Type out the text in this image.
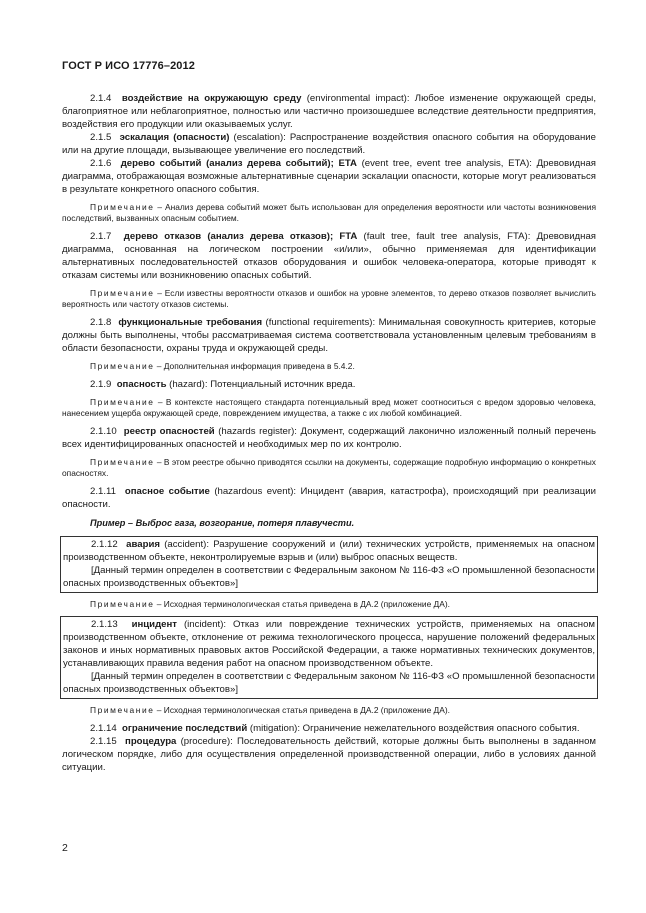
ГОСТ Р ИСО 17776–2012

2.1.4 воздействие на окружающую среду (environmental impact): Любое изменение окружающей среды, благоприятное или неблагоприятное, полностью или частично произошедшее вследствие деятельности предприятия, воздействия его продукции или оказываемых услуг.

2.1.5 эскалация (опасности) (escalation): Распространение воздействия опасного события на оборудование или на другие площади, вызывающее увеличение его последствий.

2.1.6 дерево событий (анализ дерева событий); ETA (event tree, event tree analysis, ETA): Древовидная диаграмма, отображающая возможные альтернативные сценарии эскалации опасности, которые могут реализоваться в результате конкретного опасного события.

Примечание – Анализ дерева событий может быть использован для определения вероятности или частоты возникновения последствий, вызванных опасным событием.

2.1.7 дерево отказов (анализ дерева отказов); FTA (fault tree, fault tree analysis, FTA): Древовидная диаграмма, основанная на логическом построении «и/или», обычно применяемая для идентификации альтернативных последовательностей отказов оборудования и ошибок человека-оператора, которые приводят к отказам системы или возникновению опасных событий.

Примечание – Если известны вероятности отказов и ошибок на уровне элементов, то дерево отказов позволяет вычислить вероятность или частоту отказов системы.

2.1.8 функциональные требования (functional requirements): Минимальная совокупность критериев, которые должны быть выполнены, чтобы рассматриваемая система соответствовала установленным целевым требованиям в области безопасности, охраны труда и окружающей среды.

Примечание – Дополнительная информация приведена в 5.4.2.

2.1.9 опасность (hazard): Потенциальный источник вреда.

Примечание – В контексте настоящего стандарта потенциальный вред может соотноситься с вредом здоровью человека, нанесением ущерба окружающей среде, повреждением имущества, а также с их любой комбинацией.

2.1.10 реестр опасностей (hazards register): Документ, содержащий лаконично изложенный полный перечень всех идентифицированных опасностей и необходимых мер по их контролю.

Примечание – В этом реестре обычно приводятся ссылки на документы, содержащие подробную информацию о конкретных опасностях.

2.1.11 опасное событие (hazardous event): Инцидент (авария, катастрофа), происходящий при реализации опасности.

Пример – Выброс газа, возгорание, потеря плавучести.

2.1.12 авария (accident): Разрушение сооружений и (или) технических устройств, применяемых на опасном производственном объекте, неконтролируемые взрыв и (или) выброс опасных веществ.

[Данный термин определен в соответствии с Федеральным законом № 116-ФЗ «О промышленной безопасности опасных производственных объектов»]

Примечание – Исходная терминологическая статья приведена в ДА.2 (приложение ДА).

2.1.13 инцидент (incident): Отказ или повреждение технических устройств, применяемых на опасном производственном объекте, отклонение от режима технологического процесса, нарушение положений федеральных законов и иных нормативных правовых актов Российской Федерации, а также нормативных технических документов, устанавливающих правила ведения работ на опасном производственном объекте.

[Данный термин определен в соответствии с Федеральным законом № 116-ФЗ «О промышленной безопасности опасных производственных объектов»]

Примечание – Исходная терминологическая статья приведена в ДА.2 (приложение ДА).

2.1.14 ограничение последствий (mitigation): Ограничение нежелательного воздействия опасного события.

2.1.15 процедура (procedure): Последовательность действий, которые должны быть выполнены в заданном логическом порядке, либо для осуществления определенной производственной операции, либо в условиях данной ситуации.

2
